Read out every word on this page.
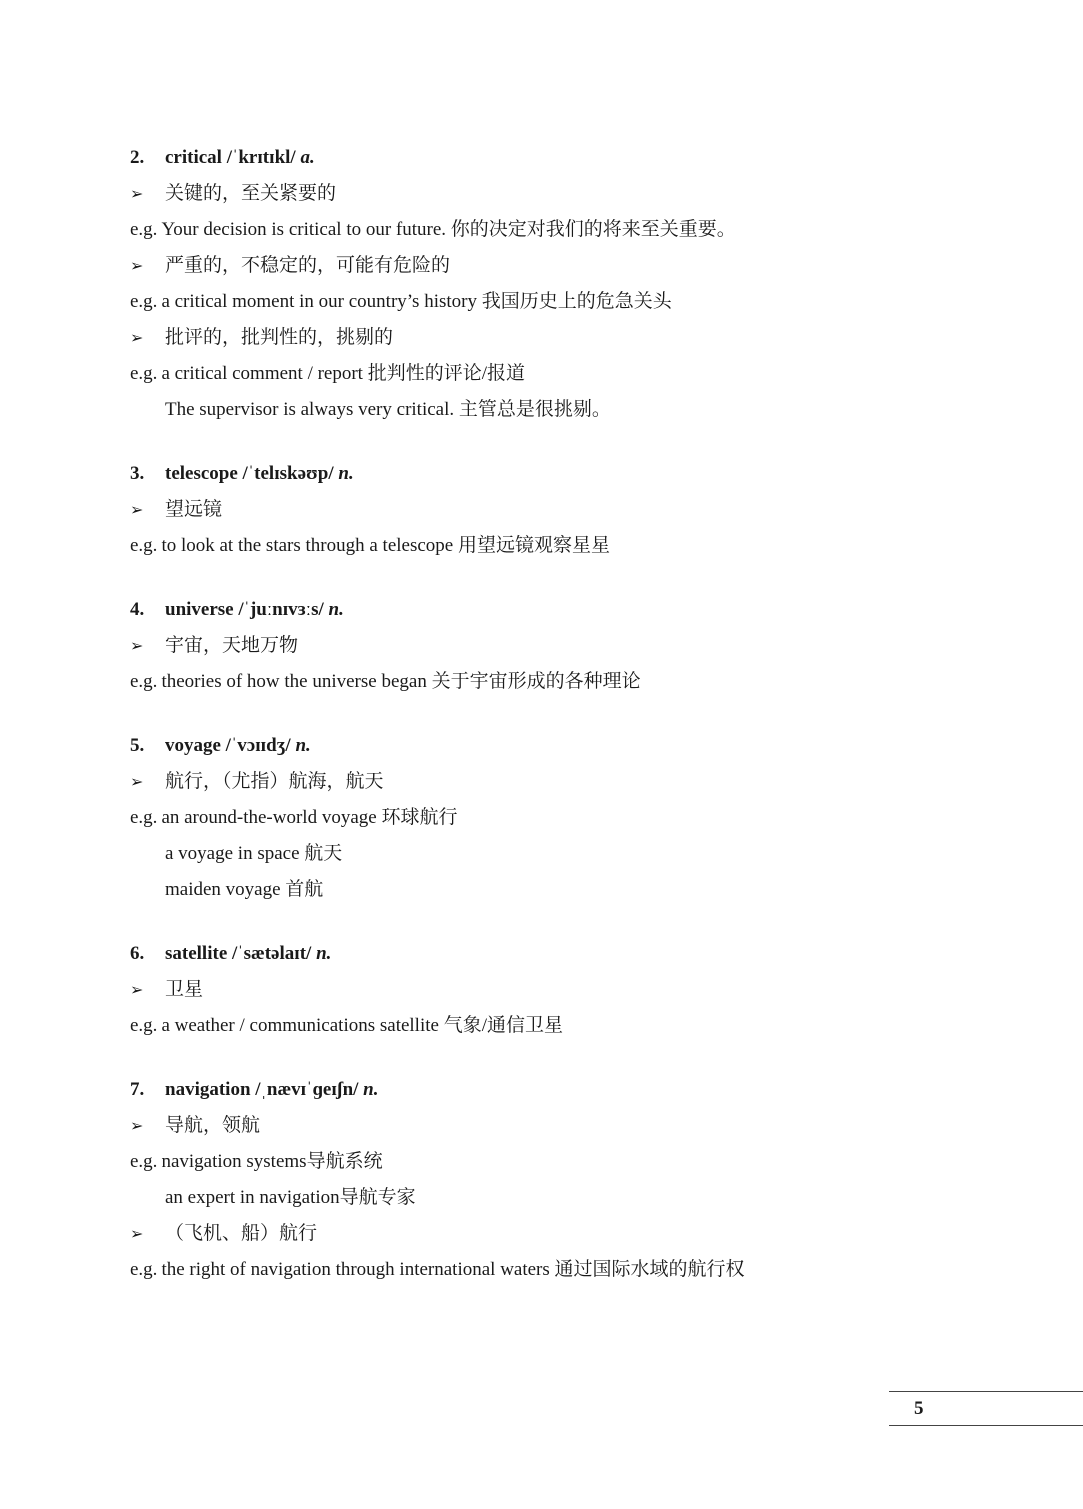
2. critical /ˈkrɪtɪkl/ a.
➢ 关键的，至关紧要的
e.g. Your decision is critical to our future. 你的决定对我们的将来至关重要。
➢ 严重的，不稳定的，可能有危险的
e.g. a critical moment in our country’s history 我国历史上的危急关头
➢ 批评的，批判性的，挑剔的
e.g. a critical comment / report 批判性的评论/报道
The supervisor is always very critical. 主管总是很挑剔。
3. telescope /ˈtelɪskəʊp/ n.
➢ 望远镜
e.g. to look at the stars through a telescope 用望远镜观察星星
4. universe /ˈjuːnɪvɜːs/ n.
➢ 宇宙，天地万物
e.g. theories of how the universe began 关于宇宙形成的各种理论
5. voyage /ˈvɔɪɪdʒ/ n.
➢ 航行，（尤指）航海，航天
e.g. an around-the-world voyage 环球航行
a voyage in space 航天
maiden voyage 首航
6. satellite /ˈsætəlaɪt/ n.
➢ 卫星
e.g. a weather / communications satellite 气象/通信卫星
7. navigation /ˌnævɪˈɡeɪʃn/ n.
➢ 导航，领航
e.g. navigation systems导航系统
an expert in navigation导航专家
➢ （飞机、船）航行
e.g. the right of navigation through international waters 通过国际水域的航行权
5
